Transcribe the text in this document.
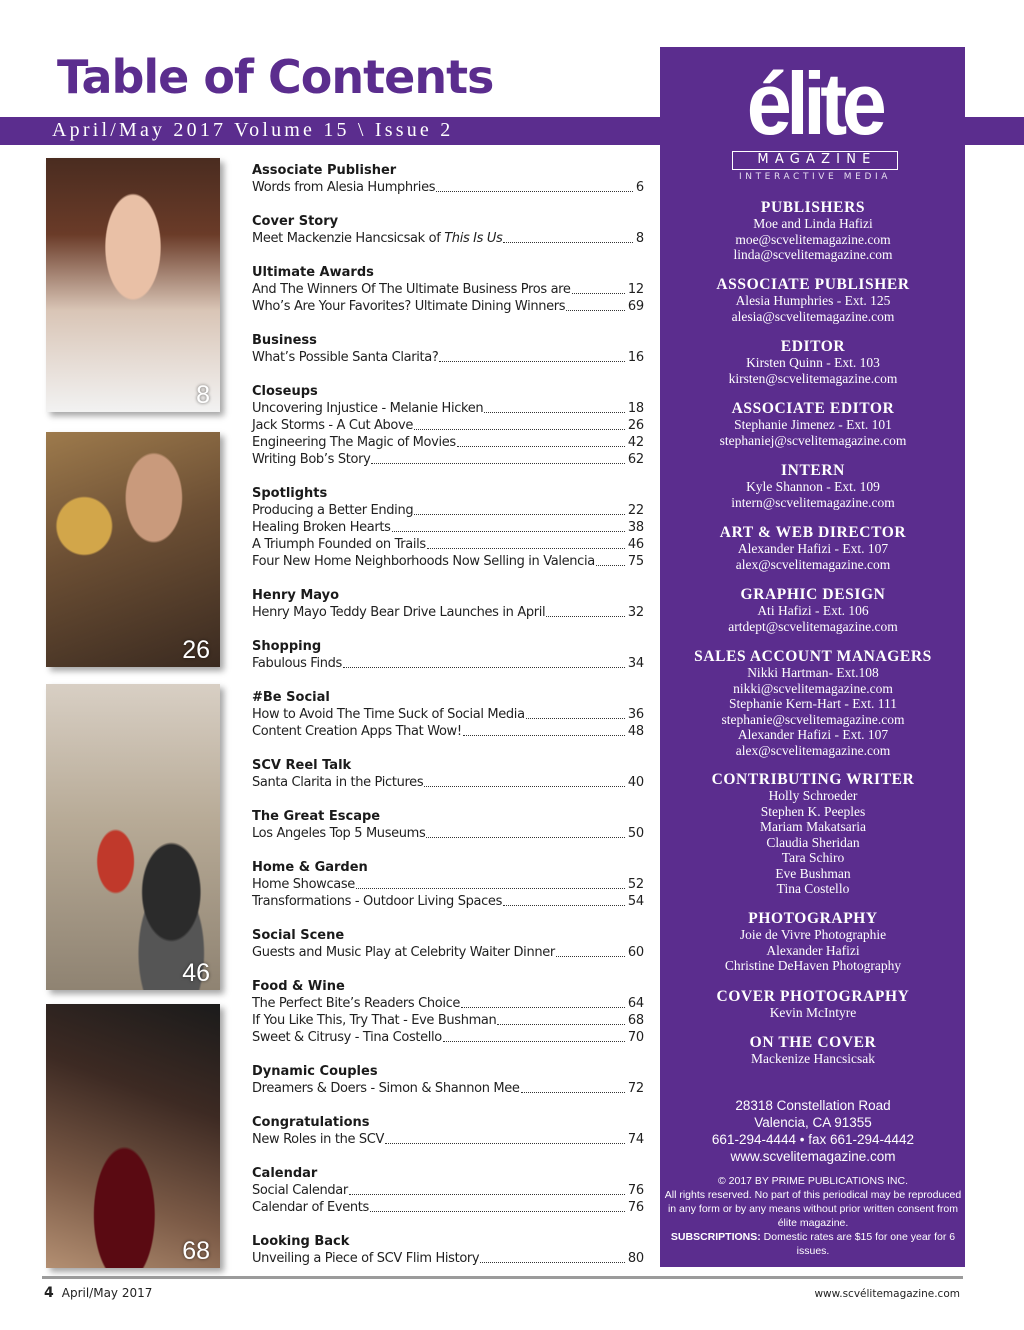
Table of Contents
April/May 2017 Volume 15 \ Issue 2
8
26
46
68
Associate Publisher
Words from Alesia Humphries	6
Cover Story
Meet Mackenzie Hancsicsak of This Is Us	8
Ultimate Awards
And The Winners Of The Ultimate Business Pros are	12
Who’s Are Your Favorites? Ultimate Dining Winners	69
Business
What’s Possible Santa Clarita?	16
Closeups
Uncovering Injustice - Melanie Hicken	18
Jack Storms - A Cut Above	26
Engineering The Magic of Movies	42
Writing Bob’s Story	62
Spotlights
Producing a Better Ending	22
Healing Broken Hearts	38
A Triumph Founded on Trails	46
Four New Home Neighborhoods Now Selling in Valencia	75
Henry Mayo
Henry Mayo Teddy Bear Drive Launches in April	32
Shopping
Fabulous Finds	34
#Be Social
How to Avoid The Time Suck of Social Media	36
Content Creation Apps That Wow!	48
SCV Reel Talk
Santa Clarita in the Pictures	40
The Great Escape
Los Angeles Top 5 Museums	50
Home & Garden
Home Showcase	52
Transformations - Outdoor Living Spaces	54
Social Scene
Guests and Music Play at Celebrity Waiter Dinner	60
Food & Wine
The Perfect Bite’s Readers Choice	64
If You Like This, Try That - Eve Bushman	68
Sweet & Citrusy - Tina Costello	70
Dynamic Couples
Dreamers & Doers - Simon & Shannon Mee	72
Congratulations
New Roles in the SCV	74
Calendar
Social Calendar	76
Calendar of Events	76
Looking Back
Unveiling a Piece of SCV Flim History	80
élite
MAGAZINE
INTERACTIVE MEDIA
PUBLISHERS
Moe and Linda Hafizi
moe@scvelitemagazine.com
linda@scvelitemagazine.com
ASSOCIATE PUBLISHER
Alesia Humphries - Ext. 125
alesia@scvelitemagazine.com
EDITOR
Kirsten Quinn - Ext. 103
kirsten@scvelitemagazine.com
ASSOCIATE EDITOR
Stephanie Jimenez - Ext. 101
stephaniej@scvelitemagazine.com
INTERN
Kyle Shannon - Ext. 109
intern@scvelitemagazine.com
ART & WEB DIRECTOR
Alexander Hafizi - Ext. 107
alex@scvelitemagazine.com
GRAPHIC DESIGN
Ati Hafizi - Ext. 106
artdept@scvelitemagazine.com
SALES ACCOUNT MANAGERS
Nikki Hartman- Ext.108
nikki@scvelitemagazine.com
Stephanie Kern-Hart - Ext. 111
stephanie@scvelitemagazine.com
Alexander Hafizi - Ext. 107
alex@scvelitemagazine.com
CONTRIBUTING WRITER
Holly Schroeder
Stephen K. Peeples
Mariam Makatsaria
Claudia Sheridan
Tara Schiro
Eve Bushman
Tina Costello
PHOTOGRAPHY
Joie de Vivre Photographie
Alexander Hafizi
Christine DeHaven Photography
COVER PHOTOGRAPHY
Kevin McIntyre
ON THE COVER
Mackenize Hancsicsak
28318 Constellation Road
Valencia, CA 91355
661-294-4444 • fax 661-294-4442
www.scvelitemagazine.com
© 2017 BY PRIME PUBLICATIONS INC.
All rights reserved. No part of this periodical may be reproduced in any form or by any means without prior written consent from élite magazine.
SUBSCRIPTIONS: Domestic rates are $15 for one year for 6 issues.
4 April/May 2017	www.scvélitemagazine.com
